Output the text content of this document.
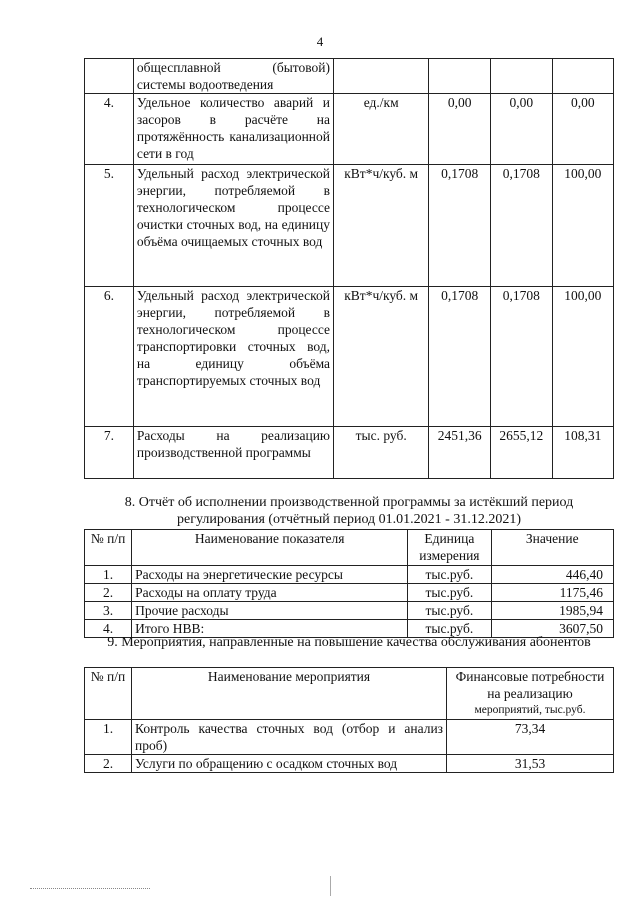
4
	общесплавной (бытовой) системы водоотведения				
4.	Удельное количество аварий и засоров в расчёте на протяжённость канализационной сети в год	ед./км	0,00	0,00	0,00
5.	Удельный расход электрической энергии, потребляемой в технологическом процессе очистки сточных вод, на единицу объёма очищаемых сточных вод	кВт*ч/куб. м	0,1708	0,1708	100,00
6.	Удельный расход электрической энергии, потребляемой в технологическом процессе транспортировки сточных вод, на единицу объёма транспортируемых сточных вод	кВт*ч/куб. м	0,1708	0,1708	100,00
7.	Расходы на реализацию производственной программы	тыс. руб.	2451,36	2655,12	108,31
8. Отчёт об исполнении производственной программы за истёкший период регулирования (отчётный период 01.01.2021 - 31.12.2021)
№ п/п	Наименование показателя	Единица измерения	Значение
1.	Расходы на энергетические ресурсы	тыс.руб.	446,40
2.	Расходы на оплату труда	тыс.руб.	1175,46
3.	Прочие расходы	тыс.руб.	1985,94
4.	Итого НВВ:	тыс.руб.	3607,50
9. Мероприятия, направленные на повышение качества обслуживания абонентов
№ п/п	Наименование мероприятия	Финансовые потребности на реализацию
мероприятий, тыс.руб.

1.	Контроль качества сточных вод (отбор и анализ проб)	73,34
2.	Услуги по обращению с осадком сточных вод	31,53
